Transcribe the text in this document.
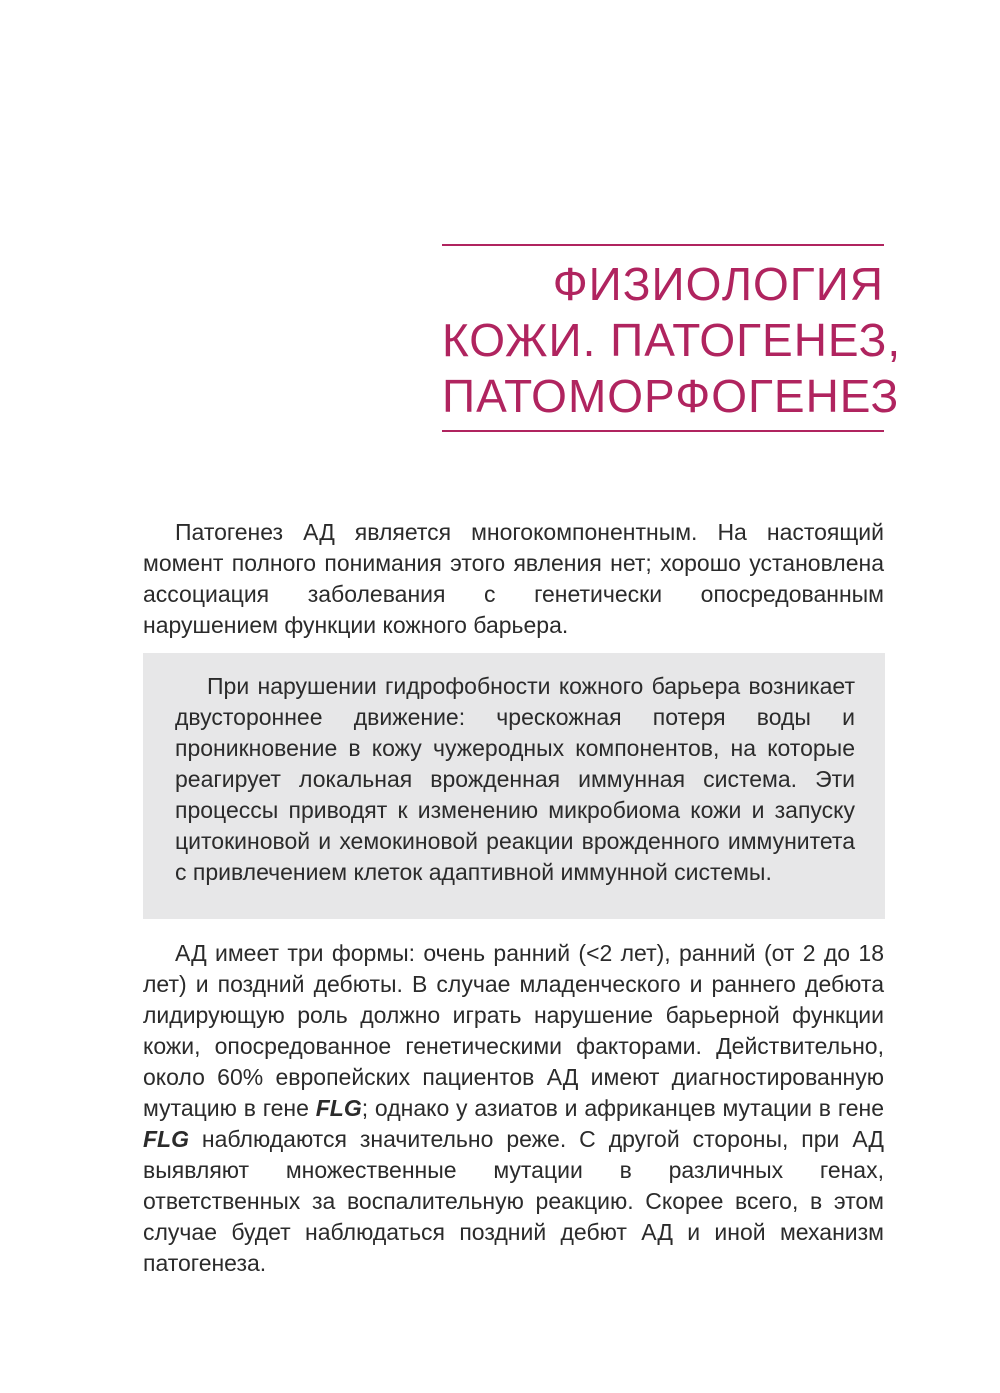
ФИЗИОЛОГИЯ
КОЖИ. ПАТОГЕНЕЗ,
ПАТОМОРФОГЕНЕЗ

Патогенез АД является многокомпонентным. На настоящий момент полного понимания этого явления нет; хорошо установлена ассоциация заболевания с генетически опосредованным нарушением функции кожного барьера.

При нарушении гидрофобности кожного барьера возникает двустороннее движение: чрескожная потеря воды и проникновение в кожу чужеродных компонентов, на которые реагирует локальная врожденная иммунная система. Эти процессы приводят к изменению микробиома кожи и запуску цитокиновой и хемокиновой реакции врожденного иммунитета с привлечением клеток адаптивной иммунной системы.

АД имеет три формы: очень ранний (<2 лет), ранний (от 2 до 18 лет) и поздний дебюты. В случае младенческого и раннего дебюта лидирующую роль должно играть нарушение барьерной функции кожи, опосредованное генетическими факторами. Действительно, около 60% европейских пациентов АД имеют диагностированную мутацию в гене FLG; однако у азиатов и африканцев мутации в гене FLG наблюдаются значительно реже. С другой стороны, при АД выявляют множественные мутации в различных генах, ответственных за воспалительную реакцию. Скорее всего, в этом случае будет наблюдаться поздний дебют АД и иной механизм патогенеза.
